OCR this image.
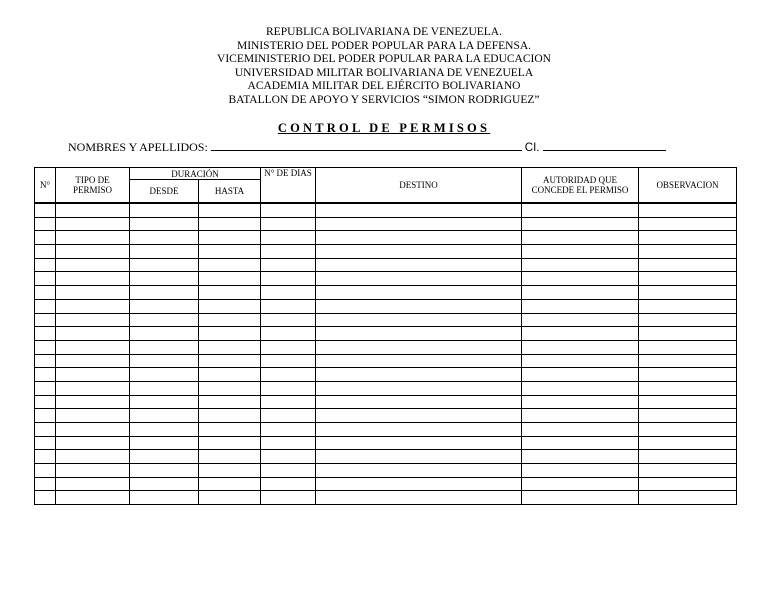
REPUBLICA BOLIVARIANA DE VENEZUELA.
MINISTERIO DEL PODER POPULAR PARA LA DEFENSA.
VICEMINISTERIO DEL PODER POPULAR PARA LA EDUCACION
UNIVERSIDAD MILITAR BOLIVARIANA DE VENEZUELA
ACADEMIA MILITAR DEL EJÉRCITO BOLIVARIANO
BATALLON DE APOYO Y SERVICIOS “SIMON RODRIGUEZ”
CONTROL DE PERMISOS
NOMBRES Y APELLIDOS:	CI.
N°	TIPO DE PERMISO	DURACIÓN		N° DE DIAS	DESTINO	AUTORIDAD QUE CONCEDE EL PERMISO	OBSERVACION
		DESDE	HASTA				
